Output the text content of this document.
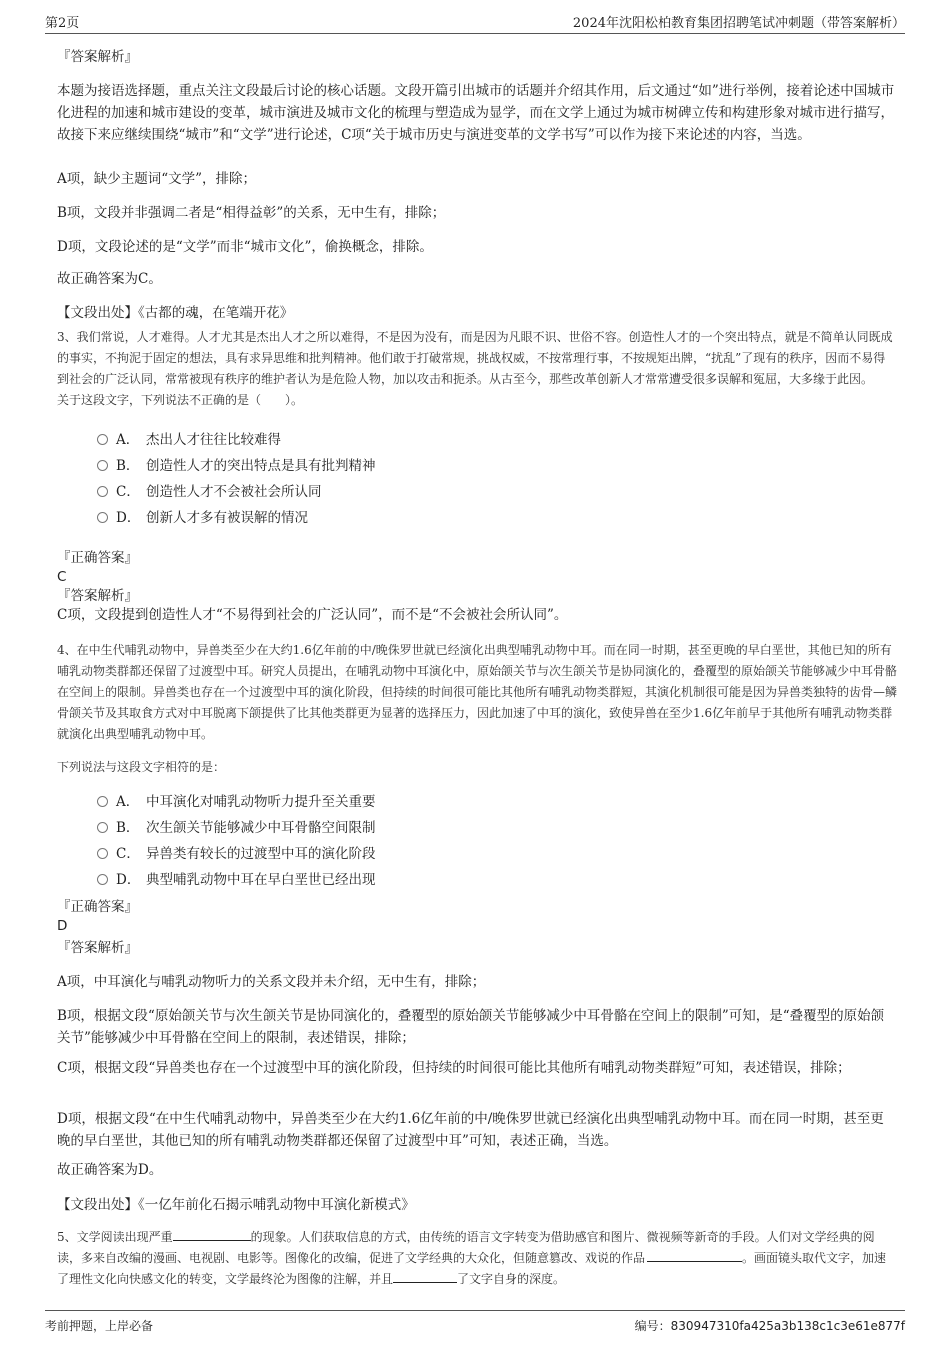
第2页	2024年沈阳松柏教育集团招聘笔试冲刺题（带答案解析）

『答案解析』

本题为接语选择题，重点关注文段最后讨论的核心话题。文段开篇引出城市的话题并介绍其作用，后文通过“如”进行举例，接着论述中国城市化进程的加速和城市建设的变革，城市演进及城市文化的梳理与塑造成为显学，而在文学上通过为城市树碑立传和构建形象对城市进行描写，故接下来应继续围绕“城市”和“文学”进行论述，C项“关于城市历史与演进变革的文学书写”可以作为接下来论述的内容，当选。

A项，缺少主题词“文学”，排除；

B项，文段并非强调二者是“相得益彰”的关系，无中生有，排除；

D项，文段论述的是“文学”而非“城市文化”，偷换概念，排除。

故正确答案为C。

【文段出处】《古都的魂，在笔端开花》

3、我们常说，人才难得。人才尤其是杰出人才之所以难得，不是因为没有，而是因为凡眼不识、世俗不容。创造性人才的一个突出特点，就是不简单认同既成的事实，不拘泥于固定的想法，具有求异思维和批判精神。他们敢于打破常规，挑战权威，不按常理行事，不按规矩出牌，“扰乱”了现有的秩序，因而不易得到社会的广泛认同，常常被现有秩序的维护者认为是危险人物，加以攻击和扼杀。从古至今，那些改革创新人才常常遭受很多误解和冤屈，大多缘于此因。

关于这段文字，下列说法不正确的是（　　）。

A． 杰出人才往往比较难得
B． 创造性人才的突出特点是具有批判精神
C． 创造性人才不会被社会所认同
D． 创新人才多有被误解的情况

『正确答案』

C

『答案解析』

C项，文段提到创造性人才“不易得到社会的广泛认同”，而不是“不会被社会所认同”。

4、在中生代哺乳动物中，异兽类至少在大约1.6亿年前的中/晚侏罗世就已经演化出典型哺乳动物中耳。而在同一时期，甚至更晚的早白垩世，其他已知的所有哺乳动物类群都还保留了过渡型中耳。研究人员提出，在哺乳动物中耳演化中，原始颌关节与次生颌关节是协同演化的，叠覆型的原始颌关节能够减少中耳骨骼在空间上的限制。异兽类也存在一个过渡型中耳的演化阶段，但持续的时间很可能比其他所有哺乳动物类群短，其演化机制很可能是因为异兽类独特的齿骨—鳞骨颌关节及其取食方式对中耳脱离下颌提供了比其他类群更为显著的选择压力，因此加速了中耳的演化，致使异兽在至少1.6亿年前早于其他所有哺乳动物类群就演化出典型哺乳动物中耳。

下列说法与这段文字相符的是：

A． 中耳演化对哺乳动物听力提升至关重要
B． 次生颌关节能够减少中耳骨骼空间限制
C． 异兽类有较长的过渡型中耳的演化阶段
D． 典型哺乳动物中耳在早白垩世已经出现

『正确答案』

D

『答案解析』

A项，中耳演化与哺乳动物听力的关系文段并未介绍，无中生有，排除；

B项，根据文段“原始颌关节与次生颌关节是协同演化的，叠覆型的原始颌关节能够减少中耳骨骼在空间上的限制”可知，是“叠覆型的原始颌关节”能够减少中耳骨骼在空间上的限制，表述错误，排除；

C项，根据文段“异兽类也存在一个过渡型中耳的演化阶段，但持续的时间很可能比其他所有哺乳动物类群短”可知，表述错误，排除；

D项，根据文段“在中生代哺乳动物中，异兽类至少在大约1.6亿年前的中/晚侏罗世就已经演化出典型哺乳动物中耳。而在同一时期，甚至更晚的早白垩世，其他已知的所有哺乳动物类群都还保留了过渡型中耳”可知，表述正确，当选。

故正确答案为D。

【文段出处】《一亿年前化石揭示哺乳动物中耳演化新模式》

5、文学阅读出现严重	的现象。人们获取信息的方式，由传统的语言文字转变为借助感官和图片、微视频等新奇的手段。人们对文学经典的阅读，多来自改编的漫画、电视剧、电影等。图像化的改编，促进了文学经典的大众化，但随意篡改、戏说的作品	。画面镜头取代文字，加速了理性文化向快感文化的转变，文学最终沦为图像的注解，并且	了文字自身的深度。

考前押题，上岸必备	编号：830947310fa425a3b138c1c3e61e877f
